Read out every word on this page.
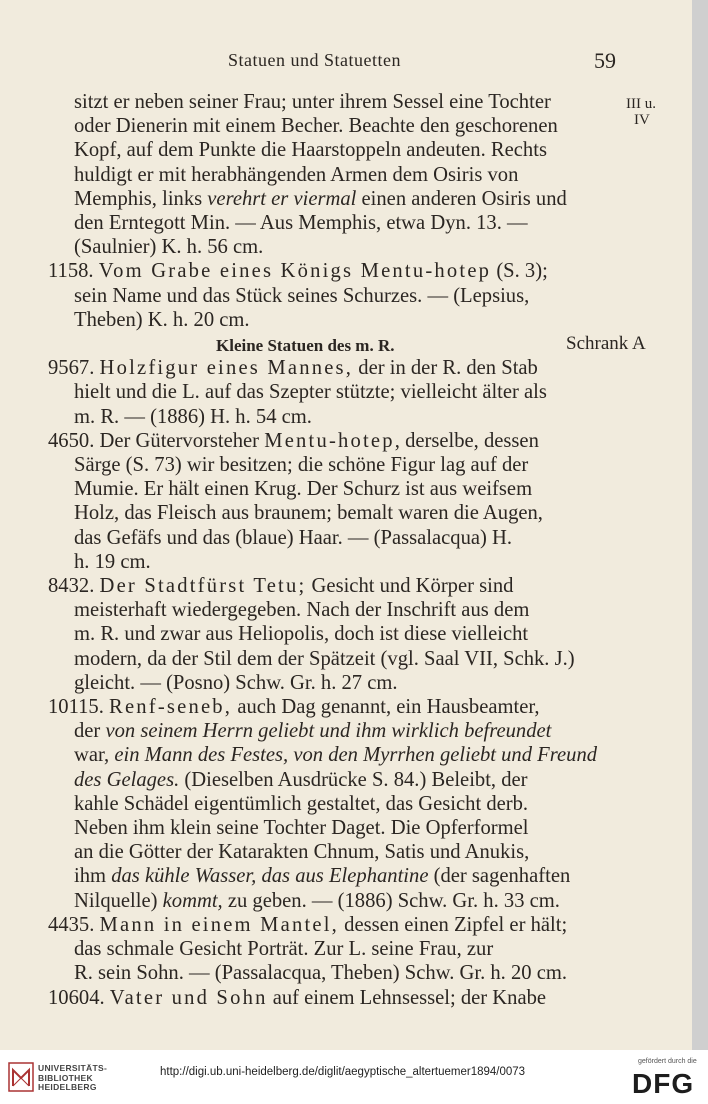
Statuen und Statuetten	59
III u.
IV

sitzt er neben seiner Frau; unter ihrem Sessel eine Tochter
oder Dienerin mit einem Becher. Beachte den geschorenen
Kopf, auf dem Punkte die Haarstoppeln andeuten. Rechts
huldigt er mit herabhängenden Armen dem Osiris von
Memphis, links verehrt er viermal einen anderen Osiris und
den Erntegott Min. — Aus Memphis, etwa Dyn. 13. —
(Saulnier) K. h. 56 cm.

1158. Vom Grabe eines Königs Mentu-hotep (S. 3);
sein Name und das Stück seines Schurzes. — (Lepsius,
Theben) K. h. 20 cm.

Kleine Statuen des m. R.	Schrank A

9567. Holzfigur eines Mannes, der in der R. den Stab
hielt und die L. auf das Szepter stützte; vielleicht älter als
m. R. — (1886) H. h. 54 cm.

4650. Der Gütervorsteher Mentu-hotep, derselbe, dessen
Särge (S. 73) wir besitzen; die schöne Figur lag auf der
Mumie. Er hält einen Krug. Der Schurz ist aus weifsem
Holz, das Fleisch aus braunem; bemalt waren die Augen,
das Gefäfs und das (blaue) Haar. — (Passalacqua) H.
h. 19 cm.

8432. Der Stadtfürst Tetu; Gesicht und Körper sind
meisterhaft wiedergegeben. Nach der Inschrift aus dem
m. R. und zwar aus Heliopolis, doch ist diese vielleicht
modern, da der Stil dem der Spätzeit (vgl. Saal VII, Schk. J.)
gleicht. — (Posno) Schw. Gr. h. 27 cm.

10115. Renf-seneb, auch Dag genannt, ein Hausbeamter,
der von seinem Herrn geliebt und ihm wirklich befreundet
war, ein Mann des Festes, von den Myrrhen geliebt und Freund
des Gelages. (Dieselben Ausdrücke S. 84.) Beleibt, der
kahle Schädel eigentümlich gestaltet, das Gesicht derb.
Neben ihm klein seine Tochter Daget. Die Opferformel
an die Götter der Katarakten Chnum, Satis und Anukis,
ihm das kühle Wasser, das aus Elephantine (der sagenhaften
Nilquelle) kommt, zu geben. — (1886) Schw. Gr. h. 33 cm.

4435. Mann in einem Mantel, dessen einen Zipfel er hält;
das schmale Gesicht Porträt. Zur L. seine Frau, zur
R. sein Sohn. — (Passalacqua, Theben) Schw. Gr. h. 20 cm.

10604. Vater und Sohn auf einem Lehnsessel; der Knabe

UNIVERSITÄTS-
BIBLIOTHEK
HEIDELBERG
http://digi.ub.uni-heidelberg.de/diglit/aegyptische_altertuemer1894/0073
gefördert durch die
DFG
